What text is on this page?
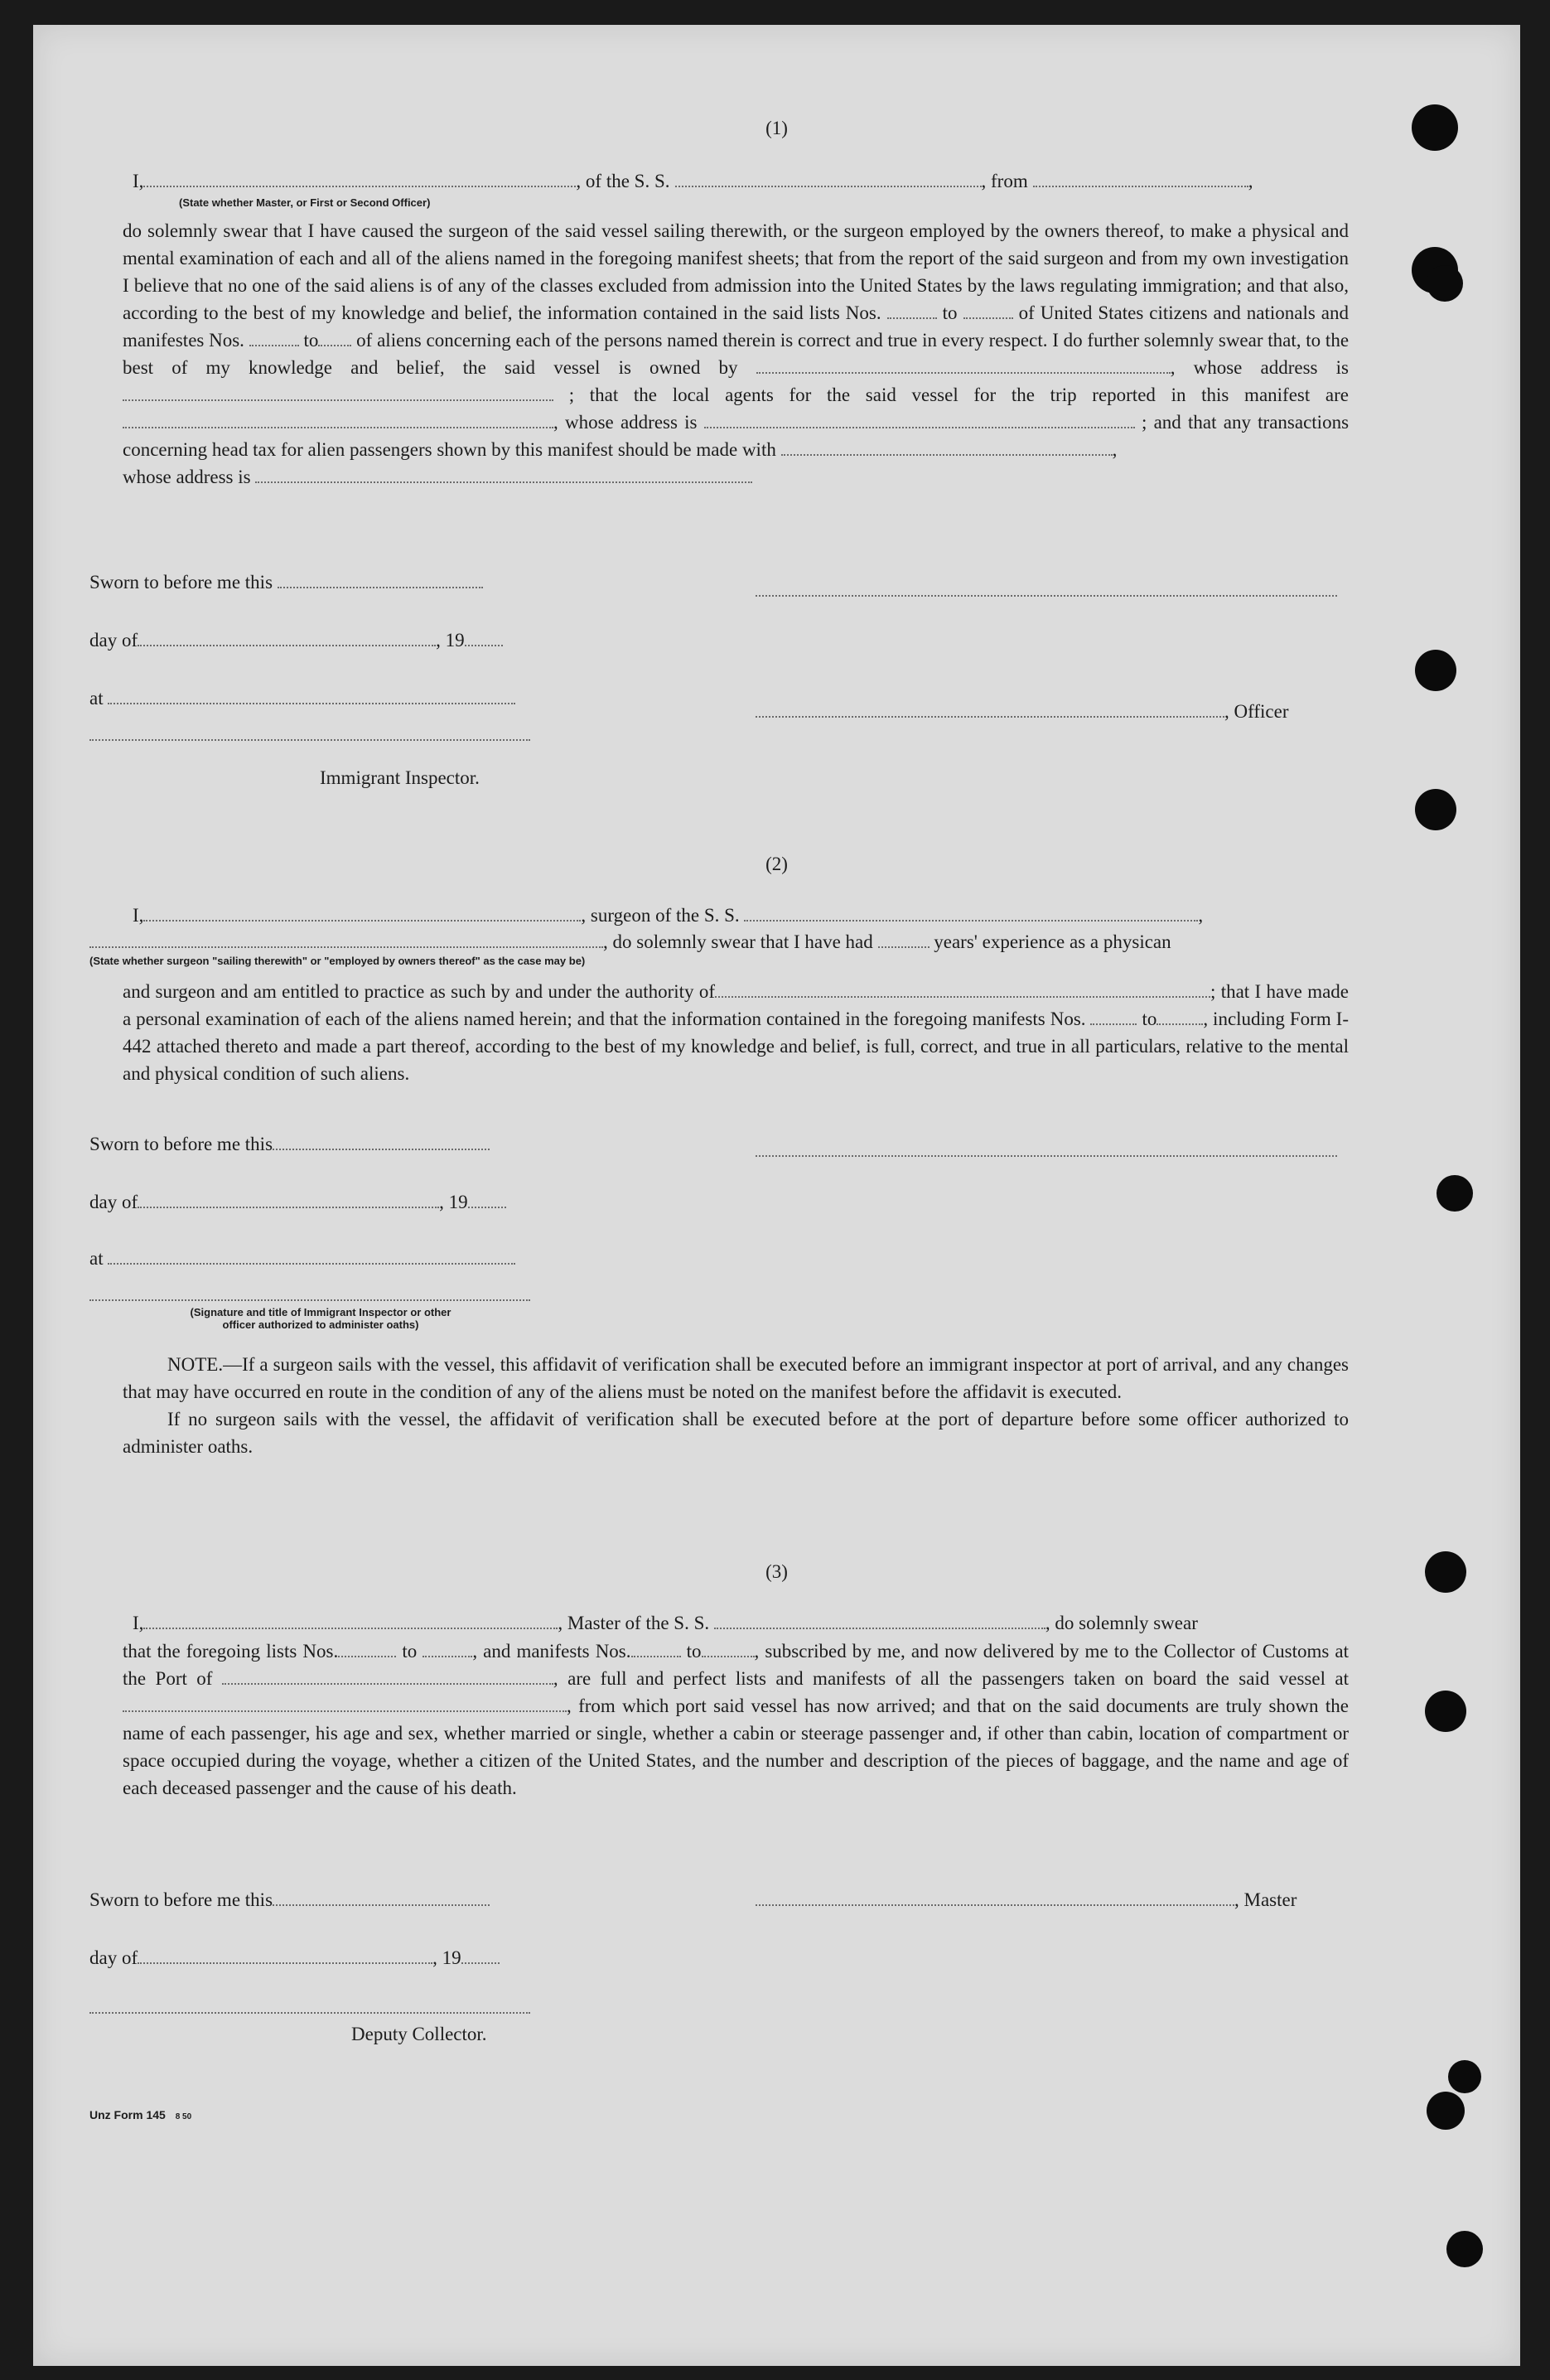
(1)
I,	, of the S. S.	, from	,
(State whether Master, or First or Second Officer)

do solemnly swear that I have caused the surgeon of the said vessel sailing therewith, or the surgeon employed by the owners thereof, to make a physical and mental examination of each and all of the aliens named in the foregoing manifest sheets; that from the report of the said surgeon and from my own investigation I believe that no one of the said aliens is of any of the classes excluded from admission into the United States by the laws regulating immigration; and that also, according to the best of my knowledge and belief, the information contained in the said lists Nos.	to	of United States citizens and nationals and manifestes Nos.	to of aliens concerning each of the persons named therein is correct and true in every respect. I do further solemnly swear that, to the best of my knowledge and belief, the said vessel is owned by	, whose address is  ; that the local agents for the said vessel for the trip reported in this manifest are , whose address is	; and that any transactions concerning head tax for alien passengers shown by this manifest should be made with	,
whose address is

Sworn to before me this
day of	, 19
at
, Officer
Immigrant Inspector.
(2)
I,	, surgeon of the S. S.	,
, do solemnly swear that I have had	years' experience as a physican
(State whether surgeon "sailing therewith" or "employed by owners thereof" as the case may be)

and surgeon and am entitled to practice as such by and under the authority of	; that I have made a personal examination of each of the aliens named herein; and that the information contained in the foregoing manifests Nos.	to , including Form I-442 attached thereto and made a part thereof, according to the best of my knowledge and belief, is full, correct, and true in all particulars, relative to the mental and physical condition of such aliens.

Sworn to before me this
day of	, 19
at
(Signature and title of Immigrant Inspector or other
officer authorized to administer oaths)

NOTE.—If a surgeon sails with the vessel, this affidavit of verification shall be executed before an immigrant inspector at port of arrival, and any changes that may have occurred en route in the condition of any of the aliens must be noted on the manifest before the affidavit is executed.

If no surgeon sails with the vessel, the affidavit of verification shall be executed before at the port of departure before some officer authorized to administer oaths.

(3)
I,	, Master of the S. S.	, do solemnly swear

that the foregoing lists Nos.	to	, and manifests Nos.	to	, subscribed by me, and now delivered by me to the Collector of Customs at the Port of	, are full and perfect lists and manifests of all the passengers taken on board the said vessel at , from which port said vessel has now arrived; and that on the said documents are truly shown the name of each passenger, his age and sex, whether married or single, whether a cabin or steerage passenger and, if other than cabin, location of compartment or space occupied during the voyage, whether a citizen of the United States, and the number and description of the pieces of baggage, and the name and age of each deceased passenger and the cause of his death.

Sworn to before me this	, Master
day of	, 19
Deputy Collector.
Unz Form 145 8 50
